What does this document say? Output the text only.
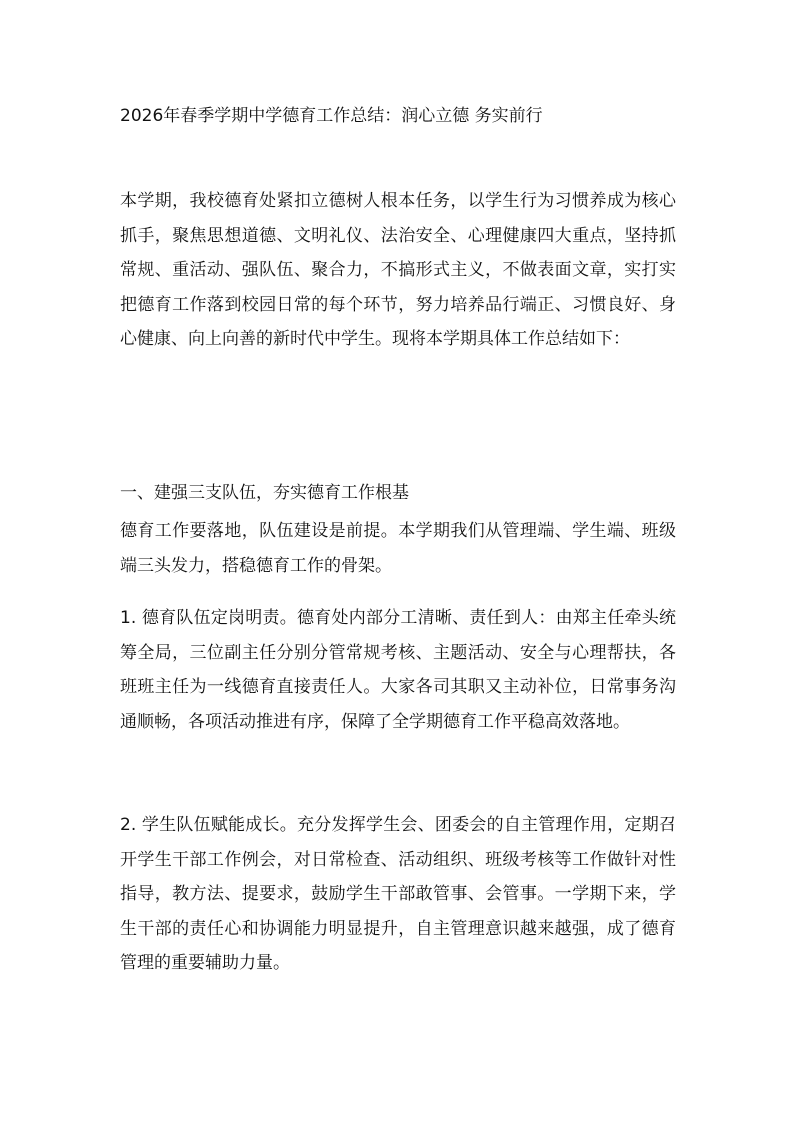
2026年春季学期中学德育工作总结：润心立德 务实前行

本学期，我校德育处紧扣立德树人根本任务，以学生行为习惯养成为核心抓手，聚焦思想道德、文明礼仪、法治安全、心理健康四大重点，坚持抓常规、重活动、强队伍、聚合力，不搞形式主义，不做表面文章，实打实把德育工作落到校园日常的每个环节，努力培养品行端正、习惯良好、身心健康、向上向善的新时代中学生。现将本学期具体工作总结如下：

一、建强三支队伍，夯实德育工作根基

德育工作要落地，队伍建设是前提。本学期我们从管理端、学生端、班级端三头发力，搭稳德育工作的骨架。

1. 德育队伍定岗明责。德育处内部分工清晰、责任到人：由郑主任牵头统筹全局，三位副主任分别分管常规考核、主题活动、安全与心理帮扶，各班班主任为一线德育直接责任人。大家各司其职又主动补位，日常事务沟通顺畅，各项活动推进有序，保障了全学期德育工作平稳高效落地。

2. 学生队伍赋能成长。充分发挥学生会、团委会的自主管理作用，定期召开学生干部工作例会，对日常检查、活动组织、班级考核等工作做针对性指导，教方法、提要求，鼓励学生干部敢管事、会管事。一学期下来，学生干部的责任心和协调能力明显提升，自主管理意识越来越强，成了德育管理的重要辅助力量。
